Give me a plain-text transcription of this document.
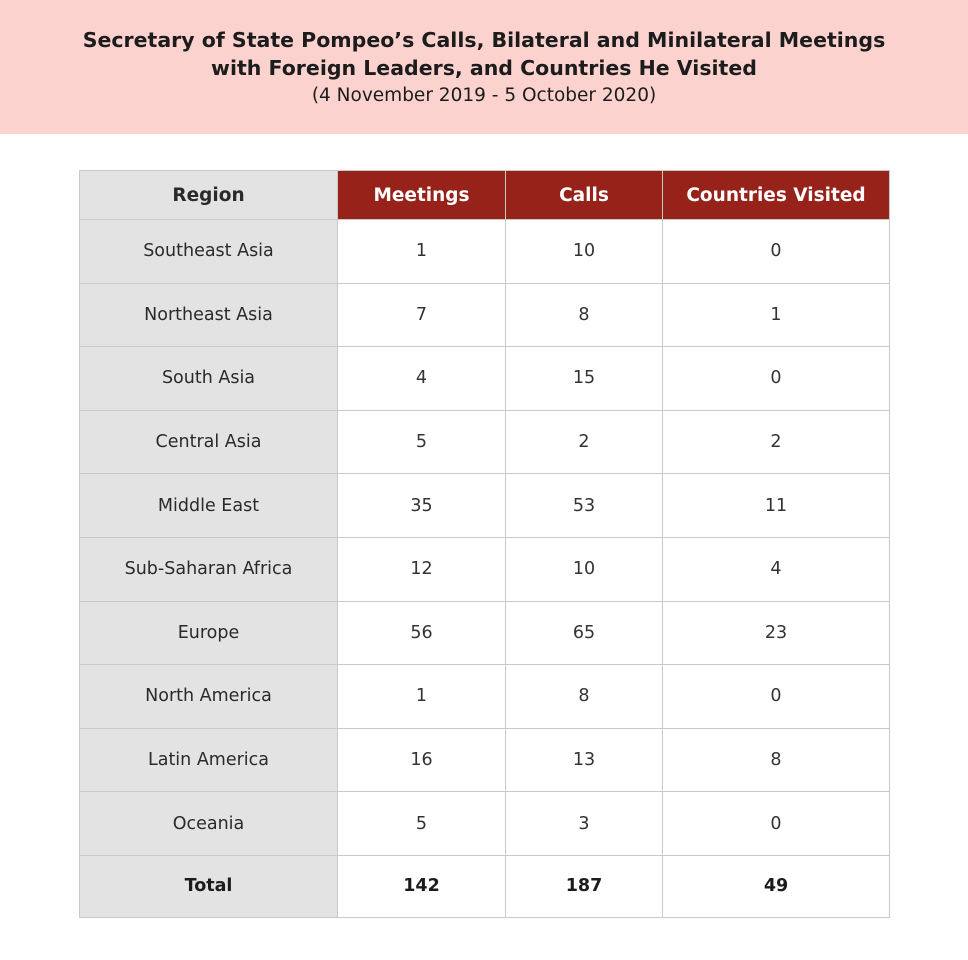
Secretary of State Pompeo’s Calls, Bilateral and Minilateral Meetings
with Foreign Leaders, and Countries He Visited
(4 November 2019 - 5 October 2020)
Region	Meetings	Calls	Countries Visited
Southeast Asia	1	10	0
Northeast Asia	7	8	1
South Asia	4	15	0
Central Asia	5	2	2
Middle East	35	53	11
Sub-Saharan Africa	12	10	4
Europe	56	65	23
North America	1	8	0
Latin America	16	13	8
Oceania	5	3	0
Total	142	187	49
